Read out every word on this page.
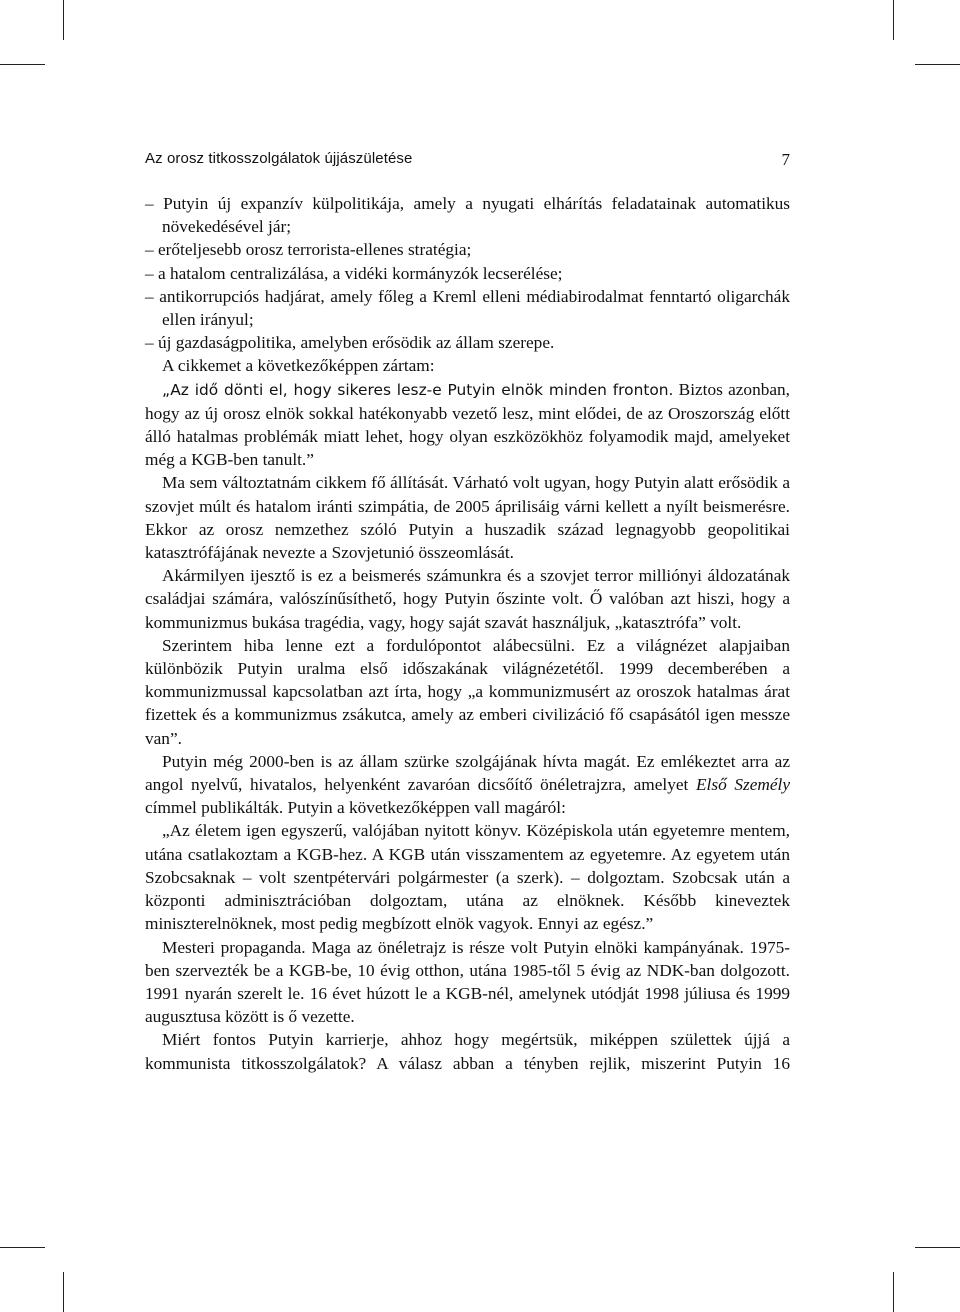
Az orosz titkosszolgálatok újjászületése	7

– Putyin új expanzív külpolitikája, amely a nyugati elhárítás feladatainak automatikus növekedésével jár;

– erőteljesebb orosz terrorista-ellenes stratégia;

– a hatalom centralizálása, a vidéki kormányzók lecserélése;

– antikorrupciós hadjárat, amely főleg a Kreml elleni médiabirodalmat fenntartó oligarchák ellen irányul;

– új gazdaságpolitika, amelyben erősödik az állam szerepe.

A cikkemet a következőképpen zártam:

„Az idő dönti el, hogy sikeres lesz-e Putyin elnök minden fronton. Biztos azonban, hogy az új orosz elnök sokkal hatékonyabb vezető lesz, mint elődei, de az Oroszország előtt álló hatalmas problémák miatt lehet, hogy olyan eszközökhöz folyamodik majd, amelyeket még a KGB-ben tanult.”

Ma sem változtatnám cikkem fő állítását. Várható volt ugyan, hogy Putyin alatt erősödik a szovjet múlt és hatalom iránti szimpátia, de 2005 áprilisáig várni kellett a nyílt beismerésre. Ekkor az orosz nemzethez szóló Putyin a huszadik század legnagyobb geopolitikai katasztrófájának nevezte a Szovjetunió összeomlását.

Akármilyen ijesztő is ez a beismerés számunkra és a szovjet terror milliónyi áldozatának családjai számára, valószínűsíthető, hogy Putyin őszinte volt. Ő valóban azt hiszi, hogy a kommunizmus bukása tragédia, vagy, hogy saját szavát használjuk, „katasztrófa” volt.

Szerintem hiba lenne ezt a fordulópontot alábecsülni. Ez a világnézet alapjaiban különbözik Putyin uralma első időszakának világnézetétől. 1999 decemberében a kommunizmussal kapcsolatban azt írta, hogy „a kommunizmusért az oroszok hatalmas árat fizettek és a kommunizmus zsákutca, amely az emberi civilizáció fő csapásától igen messze van”.

Putyin még 2000-ben is az állam szürke szolgájának hívta magát. Ez emlékeztet arra az angol nyelvű, hivatalos, helyenként zavaróan dicsőítő önéletrajzra, amelyet Első Személy címmel publikálták. Putyin a következőképpen vall magáról:

„Az életem igen egyszerű, valójában nyitott könyv. Középiskola után egyetemre mentem, utána csatlakoztam a KGB-hez. A KGB után visszamentem az egyetemre. Az egyetem után Szobcsaknak – volt szentpétervári polgármester (a szerk). – dolgoztam. Szobcsak után a központi adminisztrációban dolgoztam, utána az elnöknek. Később kineveztek miniszterelnöknek, most pedig megbízott elnök vagyok. Ennyi az egész.”

Mesteri propaganda. Maga az önéletrajz is része volt Putyin elnöki kampányának. 1975-ben szervezték be a KGB-be, 10 évig otthon, utána 1985-től 5 évig az NDK-ban dolgozott. 1991 nyarán szerelt le. 16 évet húzott le a KGB-nél, amelynek utódját 1998 júliusa és 1999 augusztusa között is ő vezette.

Miért fontos Putyin karrierje, ahhoz hogy megértsük, miképpen születtek újjá a kommunista titkosszolgálatok? A válasz abban a tényben rejlik, miszerint Putyin 16
